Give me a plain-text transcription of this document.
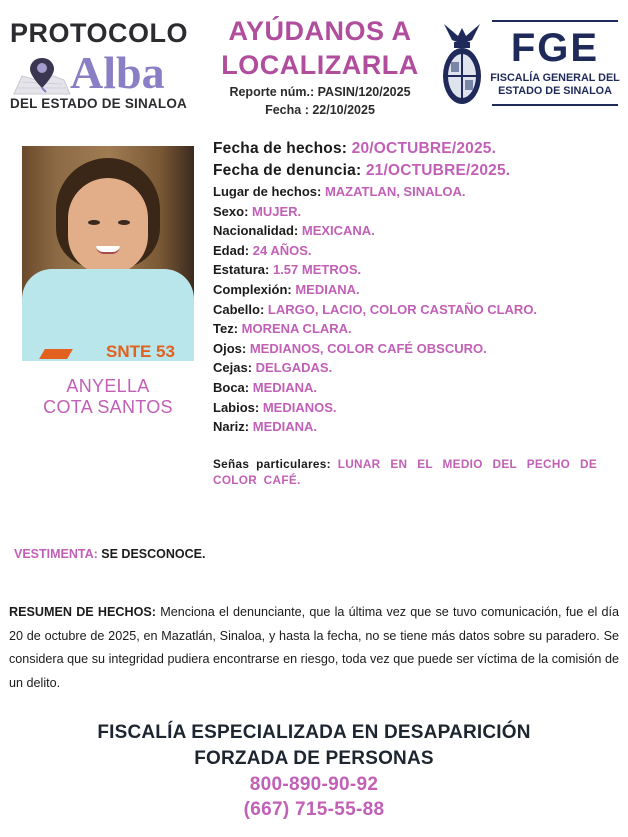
PROTOCOLO
Alba
DEL ESTADO DE SINALOA
AYÚDANOS A
LOCALIZARLA
Reporte núm.: PASIN/120/2025
Fecha : 22/10/2025
FGE
FISCALÍA GENERAL DEL
ESTADO DE SINALOA
SNTE 53
ANYELLA
COTA SANTOS
Fecha de hechos: 20/OCTUBRE/2025.
Fecha de denuncia: 21/OCTUBRE/2025.
Lugar de hechos: MAZATLAN, SINALOA.
Sexo: MUJER.
Nacionalidad: MEXICANA.
Edad: 24 AÑOS.
Estatura: 1.57 METROS.
Complexión: MEDIANA.
Cabello: LARGO, LACIO, COLOR CASTAÑO CLARO.
Tez: MORENA CLARA.
Ojos: MEDIANOS, COLOR CAFÉ OBSCURO.
Cejas: DELGADAS.
Boca: MEDIANA.
Labios: MEDIANOS.
Nariz: MEDIANA.
Señas particulares: LUNAR EN EL MEDIO DEL PECHO DE COLOR CAFÉ.
VESTIMENTA: SE DESCONOCE.
RESUMEN DE HECHOS: Menciona el denunciante, que la última vez que se tuvo comunicación, fue el día 20 de octubre de 2025, en Mazatlán, Sinaloa, y hasta la fecha, no se tiene más datos sobre su paradero. Se considera que su integridad pudiera encontrarse en riesgo, toda vez que puede ser víctima de la comisión de un delito.
FISCALÍA ESPECIALIZADA EN DESAPARICIÓN
FORZADA DE PERSONAS
800-890-90-92
(667) 715-55-88
